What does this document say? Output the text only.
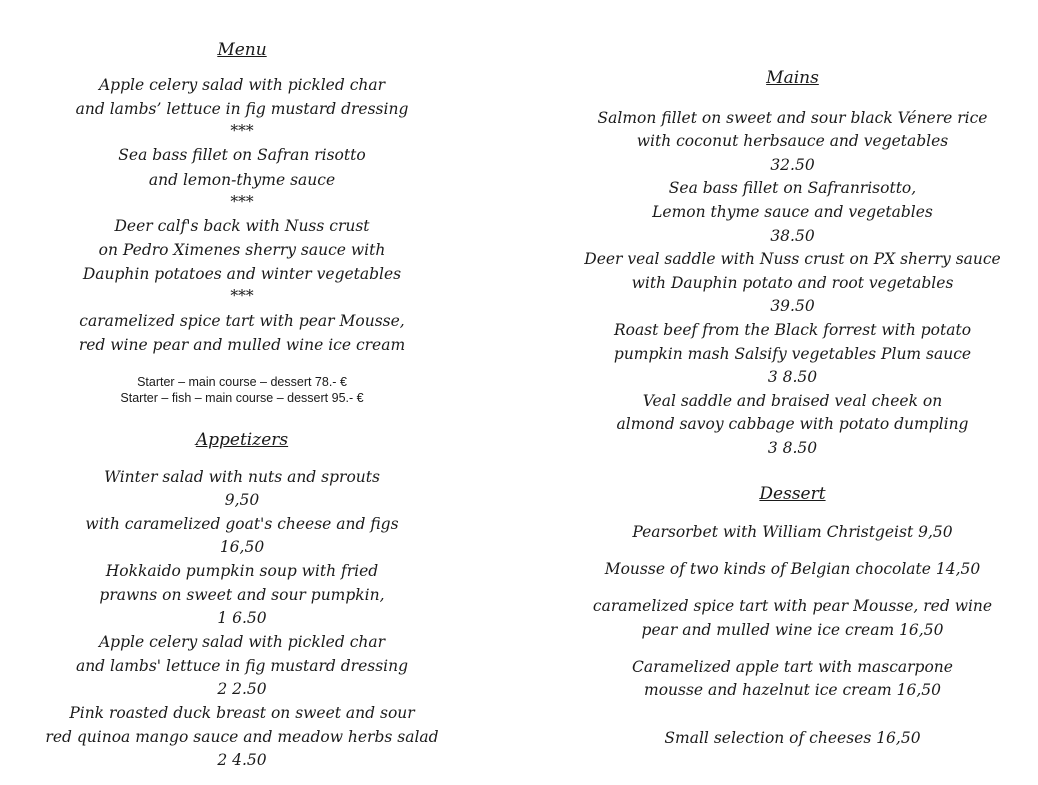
Menu
Apple celery salad with pickled char
and lambs’ lettuce in fig mustard dressing
***
Sea bass fillet on Safran risotto
and lemon-thyme sauce
***
Deer calf's back with Nuss crust
on Pedro Ximenes sherry sauce with
Dauphin potatoes and winter vegetables
***
caramelized spice tart with pear Mousse,
red wine pear and mulled wine ice cream
Starter – main course – dessert 78.- €
Starter – fish – main course – dessert 95.- €
Appetizers
Winter salad with nuts and sprouts
9,50
with caramelized goat's cheese and figs
16,50
Hokkaido pumpkin soup with fried
prawns on sweet and sour pumpkin,
1 6.50
Apple celery salad with pickled char
and lambs' lettuce in fig mustard dressing
2 2.50
Pink roasted duck breast on sweet and sour
red quinoa mango sauce and meadow herbs salad
2 4.50
Mains
Salmon fillet on sweet and sour black Vénere rice
with coconut herbsauce and vegetables
32.50
Sea bass fillet on Safranrisotto,
Lemon thyme sauce and vegetables
38.50
Deer veal saddle with Nuss crust on PX sherry sauce
with Dauphin potato and root vegetables
39.50
Roast beef from the Black forrest with potato
pumpkin mash Salsify vegetables Plum sauce
3 8.50
Veal saddle and braised veal cheek on
almond savoy cabbage with potato dumpling
3 8.50
Dessert
Pearsorbet with William Christgeist 9,50
Mousse of two kinds of Belgian chocolate 14,50
caramelized spice tart with pear Mousse, red wine
pear and mulled wine ice cream 16,50
Caramelized apple tart with mascarpone
mousse and hazelnut ice cream 16,50
Small selection of cheeses 16,50
